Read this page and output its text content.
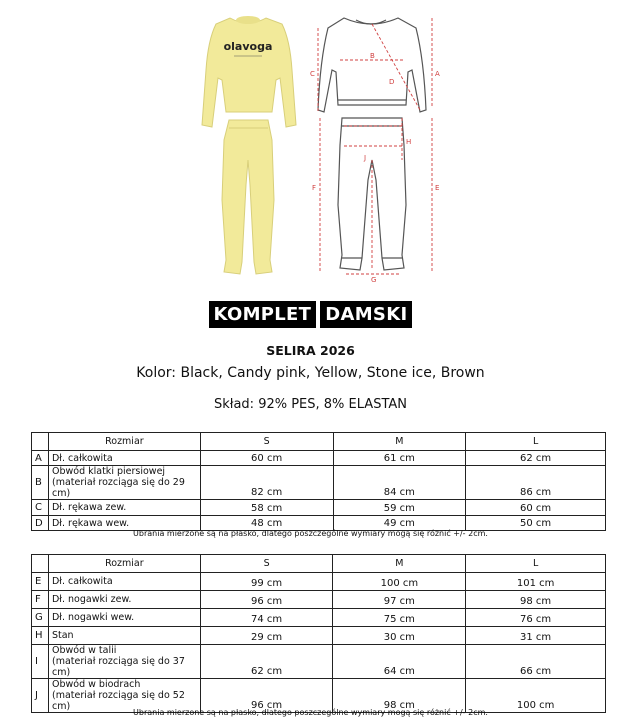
olavoga
A
B
C
D
E
F
G
H
J
KOMPLET DAMSKI
SELIRA 2026
Kolor: Black, Candy pink, Yellow, Stone ice, Brown
Skład: 92% PES, 8% ELASTAN
	Rozmiar	S	M	L
A	Dł. całkowita	60 cm	61 cm	62 cm
B	Obwód klatki piersiowej
(materiał rozciąga się do 29 cm)	82 cm	84 cm	86 cm
C	Dł. rękawa zew.	58 cm	59 cm	60 cm
D	Dł. rękawa wew.	48 cm	49 cm	50 cm
Ubrania mierzone są na płasko, dlatego poszczególne wymiary mogą się różnić +/- 2cm.
	Rozmiar	S	M	L
E	Dł. całkowita	99 cm	100 cm	101 cm
F	Dł. nogawki zew.	96 cm	97 cm	98 cm
G	Dł. nogawki wew.	74 cm	75 cm	76 cm
H	Stan	29 cm	30 cm	31 cm
I	Obwód w talii
(materiał rozciąga się do 37 cm)	62 cm	64 cm	66 cm
J	Obwód w biodrach
(materiał rozciąga się do 52 cm)	96 cm	98 cm	100 cm
Ubrania mierzone są na płasko, dlatego poszczególne wymiary mogą się różnić +/- 2cm.
